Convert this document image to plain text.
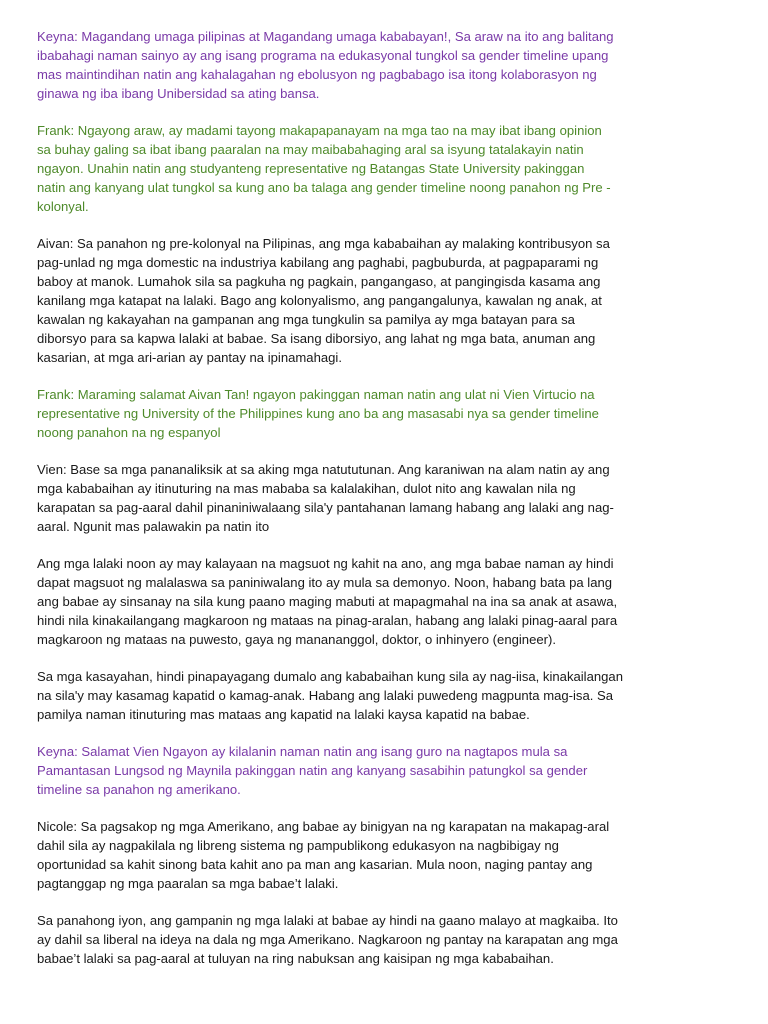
Keyna: Magandang umaga pilipinas at Magandang umaga kababayan!, Sa araw na ito ang balitang
ibabahagi naman sainyo ay ang isang programa na edukasyonal tungkol sa gender timeline upang
mas maintindihan natin ang kahalagahan ng ebolusyon ng pagbabago isa itong kolaborasyon ng
ginawa ng iba ibang Unibersidad sa ating bansa.

Frank: Ngayong araw, ay madami tayong makapapanayam na mga tao na may ibat ibang opinion
sa buhay galing sa ibat ibang paaralan na may maibabahaging aral sa isyung tatalakayin natin
ngayon. Unahin natin ang studyanteng representative ng Batangas State University pakinggan
natin ang kanyang ulat tungkol sa kung ano ba talaga ang gender timeline noong panahon ng Pre -
kolonyal.

Aivan: Sa panahon ng pre-kolonyal na Pilipinas, ang mga kababaihan ay malaking kontribusyon sa
pag-unlad ng mga domestic na industriya kabilang ang paghabi, pagbuburda, at pagpaparami ng
baboy at manok. Lumahok sila sa pagkuha ng pagkain, pangangaso, at pangingisda kasama ang
kanilang mga katapat na lalaki. Bago ang kolonyalismo, ang pangangalunya, kawalan ng anak, at
kawalan ng kakayahan na gampanan ang mga tungkulin sa pamilya ay mga batayan para sa
diborsyo para sa kapwa lalaki at babae. Sa isang diborsiyo, ang lahat ng mga bata, anuman ang
kasarian, at mga ari-arian ay pantay na ipinamahagi.

Frank: Maraming salamat Aivan Tan! ngayon pakinggan naman natin ang ulat ni Vien Virtucio na
representative ng University of the Philippines kung ano ba ang masasabi nya sa gender timeline
noong panahon na ng espanyol

Vien: Base sa mga pananaliksik at sa aking mga natututunan. Ang karaniwan na alam natin ay ang
mga kababaihan ay itinuturing na mas mababa sa kalalakihan, dulot nito ang kawalan nila ng
karapatan sa pag-aaral dahil pinaniniwalaang sila'y pantahanan lamang habang ang lalaki ang nag-
aaral. Ngunit mas palawakin pa natin ito

Ang mga lalaki noon ay may kalayaan na magsuot ng kahit na ano, ang mga babae naman ay hindi
dapat magsuot ng malalaswa sa paniniwalang ito ay mula sa demonyo. Noon, habang bata pa lang
ang babae ay sinsanay na sila kung paano maging mabuti at mapagmahal na ina sa anak at asawa,
hindi nila kinakailangang magkaroon ng mataas na pinag-aralan, habang ang lalaki pinag-aaral para
magkaroon ng mataas na puwesto, gaya ng manananggol, doktor, o inhinyero (engineer).

Sa mga kasayahan, hindi pinapayagang dumalo ang kababaihan kung sila ay nag-iisa, kinakailangan
na sila'y may kasamag kapatid o kamag-anak. Habang ang lalaki puwedeng magpunta mag-isa. Sa
pamilya naman itinuturing mas mataas ang kapatid na lalaki kaysa kapatid na babae.

Keyna: Salamat Vien Ngayon ay kilalanin naman natin ang isang guro na nagtapos mula sa
Pamantasan Lungsod ng Maynila pakinggan natin ang kanyang sasabihin patungkol sa gender
timeline sa panahon ng amerikano.

Nicole: Sa pagsakop ng mga Amerikano, ang babae ay binigyan na ng karapatan na makapag-aral
dahil sila ay nagpakilala ng libreng sistema ng pampublikong edukasyon na nagbibigay ng
oportunidad sa kahit sinong bata kahit ano pa man ang kasarian. Mula noon, naging pantay ang
pagtanggap ng mga paaralan sa mga babae’t lalaki.

Sa panahong iyon, ang gampanin ng mga lalaki at babae ay hindi na gaano malayo at magkaiba. Ito
ay dahil sa liberal na ideya na dala ng mga Amerikano. Nagkaroon ng pantay na karapatan ang mga
babae’t lalaki sa pag-aaral at tuluyan na ring nabuksan ang kaisipan ng mga kababaihan.
